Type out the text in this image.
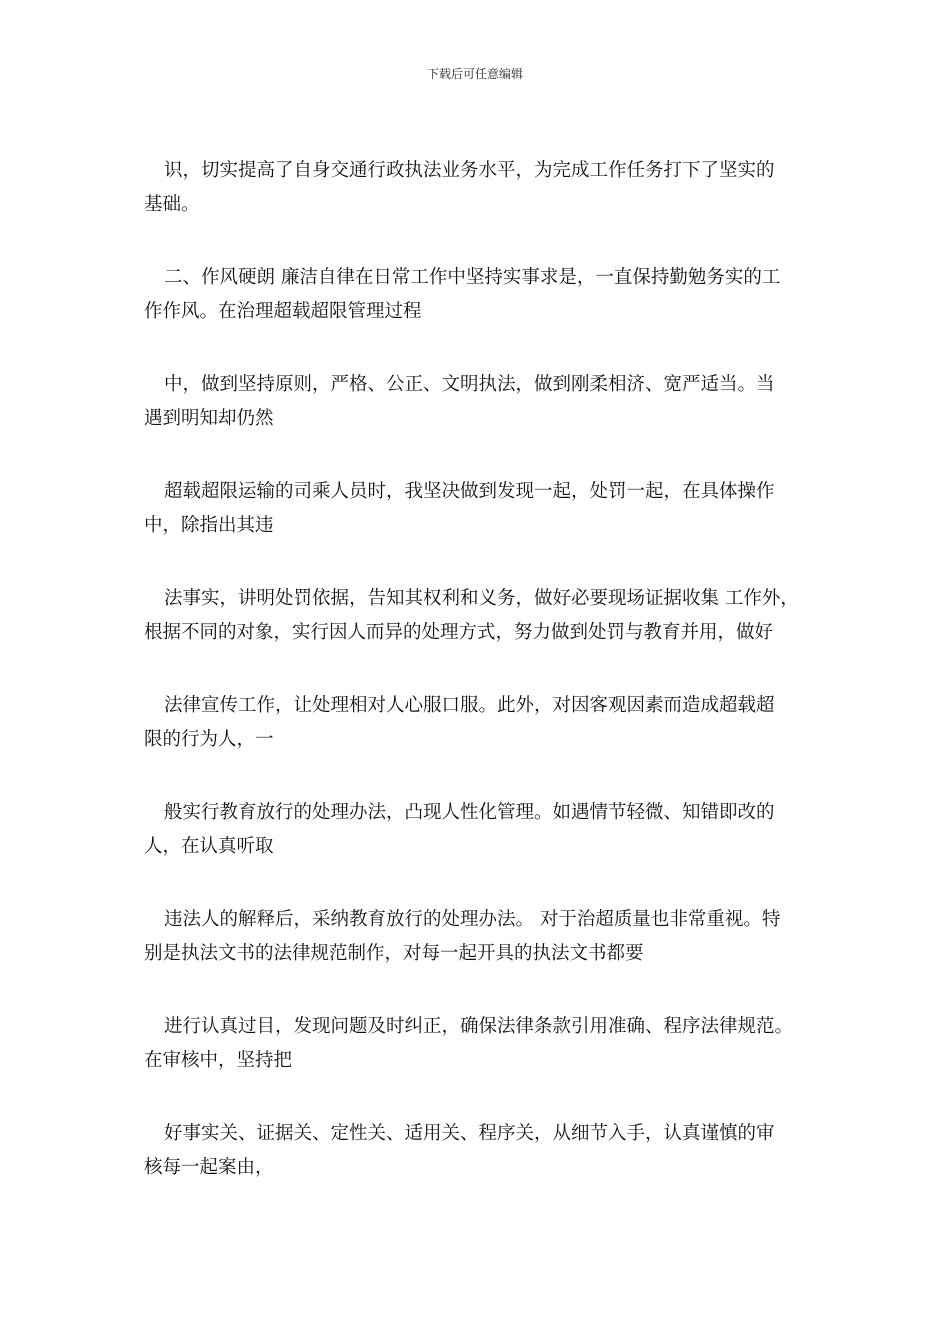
下载后可任意编辑

识，切实提高了自身交通行政执法业务水平，为完成工作任务打下了坚实的
基础。

二、作风硬朗 廉洁自律在日常工作中坚持实事求是，一直保持勤勉务实的工
作作风。在治理超载超限管理过程

中，做到坚持原则，严格、公正、文明执法，做到刚柔相济、宽严适当。当
遇到明知却仍然

超载超限运输的司乘人员时，我坚决做到发现一起，处罚一起，在具体操作
中，除指出其违

法事实，讲明处罚依据，告知其权利和义务，做好必要现场证据收集 工作外，
根据不同的对象，实行因人而异的处理方式，努力做到处罚与教育并用，做好

法律宣传工作，让处理相对人心服口服。此外，对因客观因素而造成超载超
限的行为人，一

般实行教育放行的处理办法，凸现人性化管理。如遇情节轻微、知错即改的
人，在认真听取

违法人的解释后，采纳教育放行的处理办法。 对于治超质量也非常重视。特
别是执法文书的法律规范制作，对每一起开具的执法文书都要

进行认真过目，发现问题及时纠正，确保法律条款引用准确、程序法律规范。
在审核中，坚持把

好事实关、证据关、定性关、适用关、程序关，从细节入手，认真谨慎的审
核每一起案由，
